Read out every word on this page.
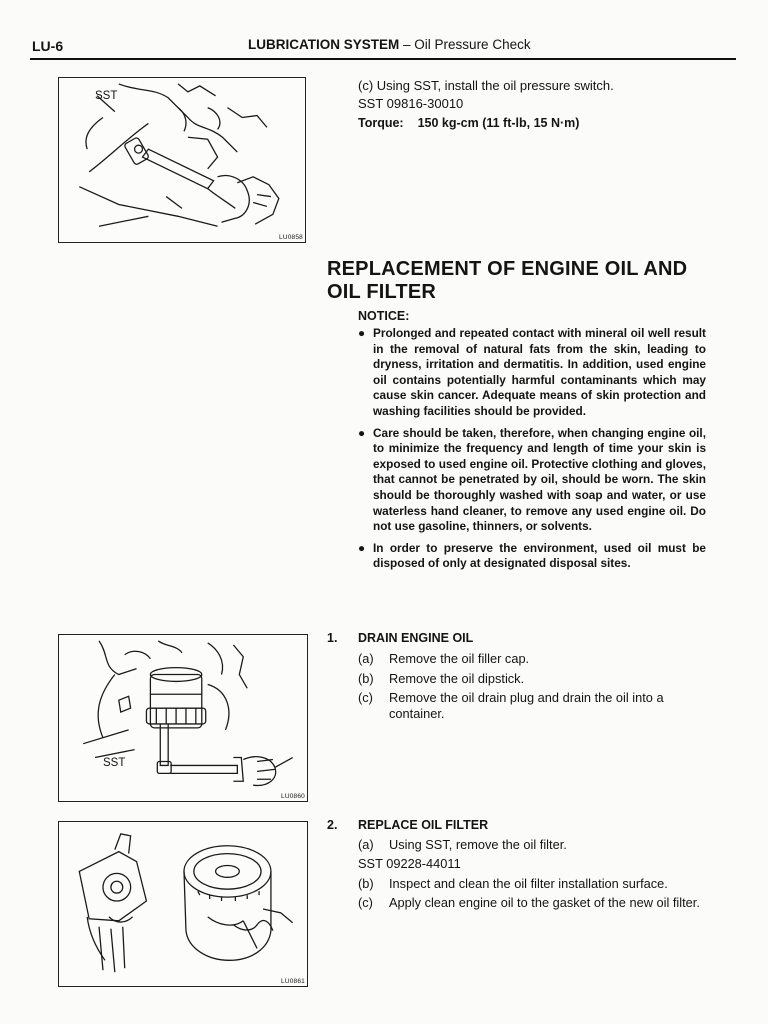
LU-6	LUBRICATION SYSTEM – Oil Pressure Check
SST
LU0858
(c) Using SST, install the oil pressure switch.
SST 09816-30010
Torque: 150 kg-cm (11 ft-lb, 15 N·m)
REPLACEMENT OF ENGINE OIL AND
OIL FILTER
NOTICE:
● Prolonged and repeated contact with mineral oil well result in the removal of natural fats from the skin, leading to dryness, irritation and dermatitis. In addition, used engine oil contains potentially harmful contaminants which may cause skin cancer. Adequate means of skin protection and washing facilities should be provided.
● Care should be taken, therefore, when changing engine oil, to minimize the frequency and length of time your skin is exposed to used engine oil. Protective clothing and gloves, that cannot be penetrated by oil, should be worn. The skin should be thoroughly washed with soap and water, or use waterless hand cleaner, to remove any used engine oil. Do not use gasoline, thinners, or solvents.
● In order to preserve the environment, used oil must be disposed of only at designated disposal sites.
SST
LU0860
1. DRAIN ENGINE OIL
(a) Remove the oil filler cap.
(b) Remove the oil dipstick.
(c) Remove the oil drain plug and drain the oil into a container.
LU0861
2. REPLACE OIL FILTER
(a) Using SST, remove the oil filter.
SST 09228-44011
(b) Inspect and clean the oil filter installation surface.
(c) Apply clean engine oil to the gasket of the new oil filter.
